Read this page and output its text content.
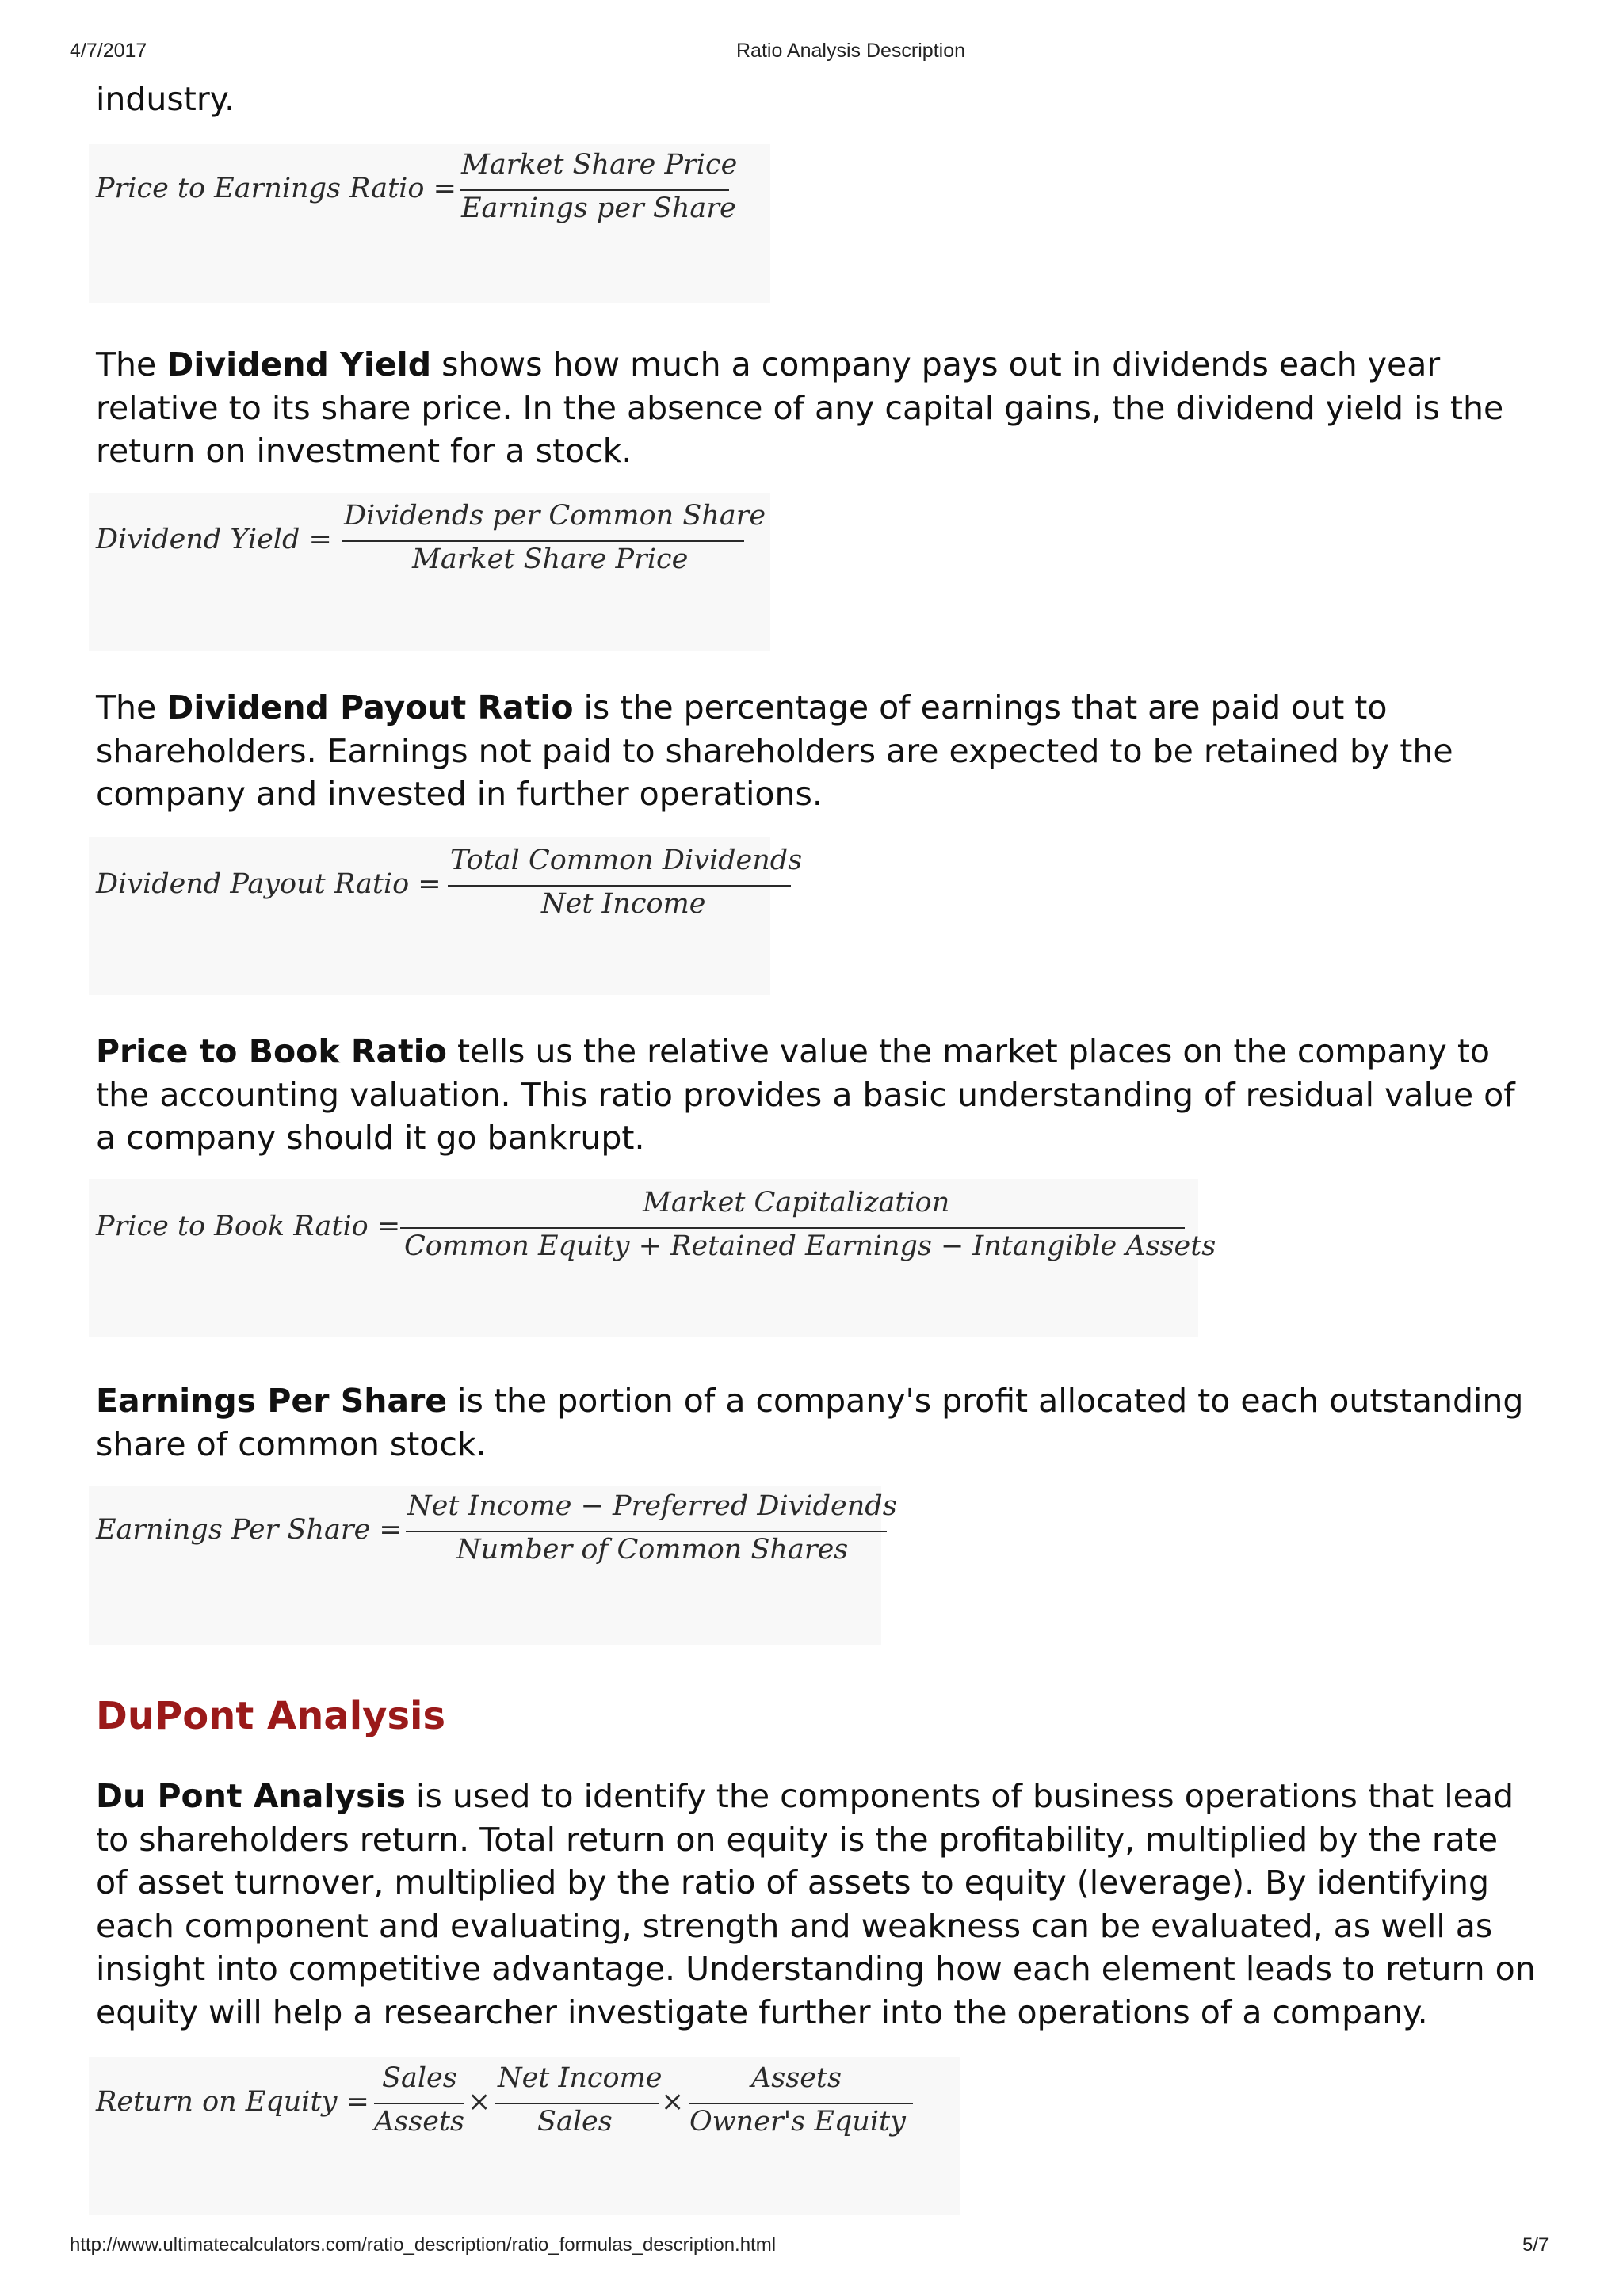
4/7/2017	Ratio Analysis Description
industry.
Price to Earnings Ratio =
Market Share Price
Earnings per Share
The Dividend Yield shows how much a company pays out in dividends each year relative to its share price. In the absence of any capital gains, the dividend yield is the return on investment for a stock.
Dividend Yield =
Dividends per Common Share
Market Share Price
The Dividend Payout Ratio is the percentage of earnings that are paid out to shareholders. Earnings not paid to shareholders are expected to be retained by the company and invested in further operations.
Dividend Payout Ratio =
Total Common Dividends
Net Income
Price to Book Ratio tells us the relative value the market places on the company to the accounting valuation. This ratio provides a basic understanding of residual value of a company should it go bankrupt.
Price to Book Ratio =
Market Capitalization
Common Equity + Retained Earnings − Intangible Assets
Earnings Per Share is the portion of a company's profit allocated to each outstanding share of common stock.
Earnings Per Share =
Net Income − Preferred Dividends
Number of Common Shares
DuPont Analysis
Du Pont Analysis is used to identify the components of business operations that lead to shareholders return. Total return on equity is the profitability, multiplied by the rate of asset turnover, multiplied by the ratio of assets to equity (leverage). By identifying each component and evaluating, strength and weakness can be evaluated, as well as insight into competitive advantage. Understanding how each element leads to return on equity will help a researcher investigate further into the operations of a company.
Return on Equity =
Sales
Assets
×
Net Income
Sales
×
Assets
Owner's Equity
http://www.ultimatecalculators.com/ratio_description/ratio_formulas_description.html	5/7
